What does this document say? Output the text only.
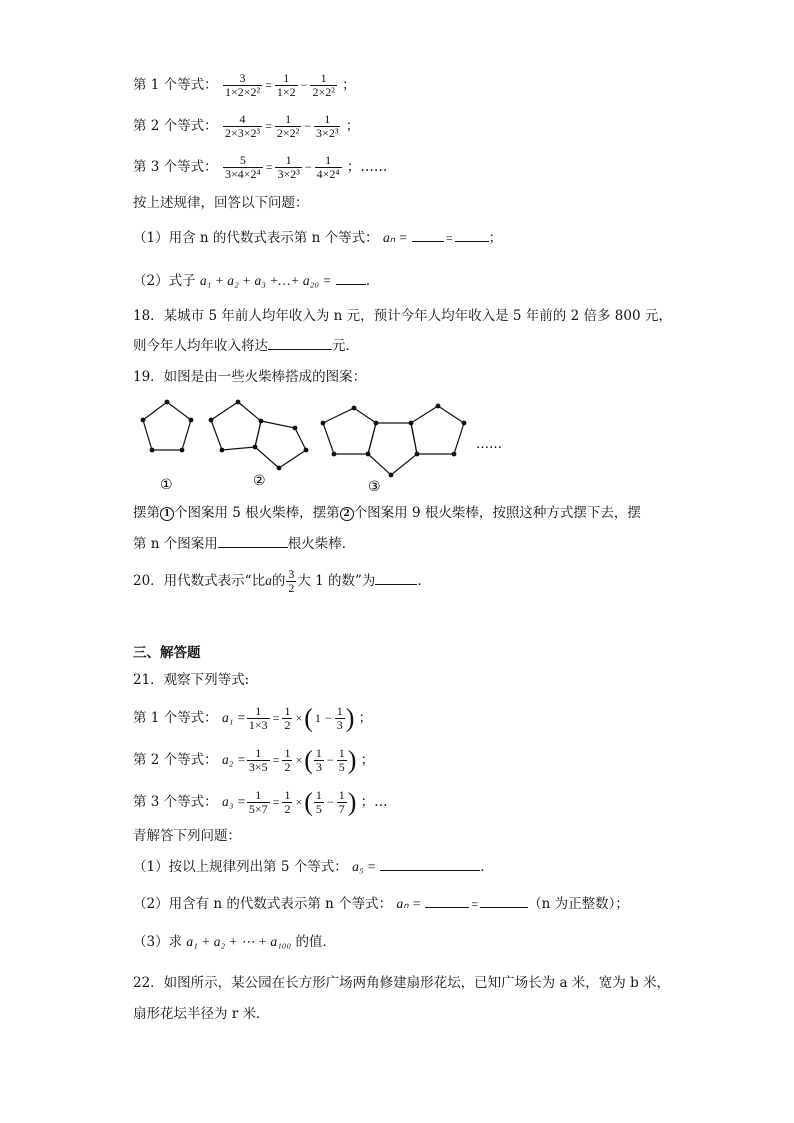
第 1 个等式： $\frac{3}{\text{1×2×2²}} = \frac{1}{1\times 2} - \frac{1}{\text{2×2²}}$ ；
第 2 个等式： $\frac{4}{\text{2×3×2³}} = \frac{1}{\text{2×2²}} - \frac{1}{\text{3×2³}}$ ；
第 3 个等式： $\frac{5}{\text{3×4×2⁴}} = \frac{1}{\text{3×2³}} - \frac{1}{\text{4×2⁴}}$ ；……
按上述规律，回答以下问题：
（1）用含 n 的代数式表示第 n 个等式： aₙ =	=	；
（2）式子 a₁ + a₂ + a₃ +…+ a₂₀ =	．
18．某城市 5 年前人均年收入为 n 元，预计今年人均年收入是 5 年前的 2 倍多 800 元，
则今年人均年收入将达	元．
19．如图是由一些火柴棒搭成的图案：
①	②	③
……
摆第 1 个图案用 5 根火柴棒，摆第 2 个图案用 9 根火柴棒，按照这种方式摆下去，摆
第 n 个图案用	根火柴棒．
20．用代数式表示“比a的 $\frac{3}{2}$ 大 1 的数”为	．
三、解答题
21．观察下列等式:
第 1 个等式： $a_1 = \frac{1}{1\times 3} = \frac{1}{2}$ ×( $1 - \frac{1}{3}$ ) ；
第 2 个等式： $a_2 = \frac{1}{3\times 5} = \frac{1}{2}$ ×( $\frac{1}{3} - \frac{1}{5}$ ) ；
第 3 个等式： $a_3 = \frac{1}{5\times 7} = \frac{1}{2}$ ×( $\frac{1}{5} - \frac{1}{7}$ ) ；…
青解答下列问题：
（1）按以上规律列出第 5 个等式： a₅ =	．
（2）用含有 n 的代数式表示第 n 个等式： aₙ =	=	（n 为正整数）；
（3）求 a₁ + a₂ + ⋯ + a₁₀₀ 的值．
22．如图所示，某公园在长方形广场两角修建扇形花坛，已知广场长为 a 米，宽为 b 米，
扇形花坛半径为 r 米．
